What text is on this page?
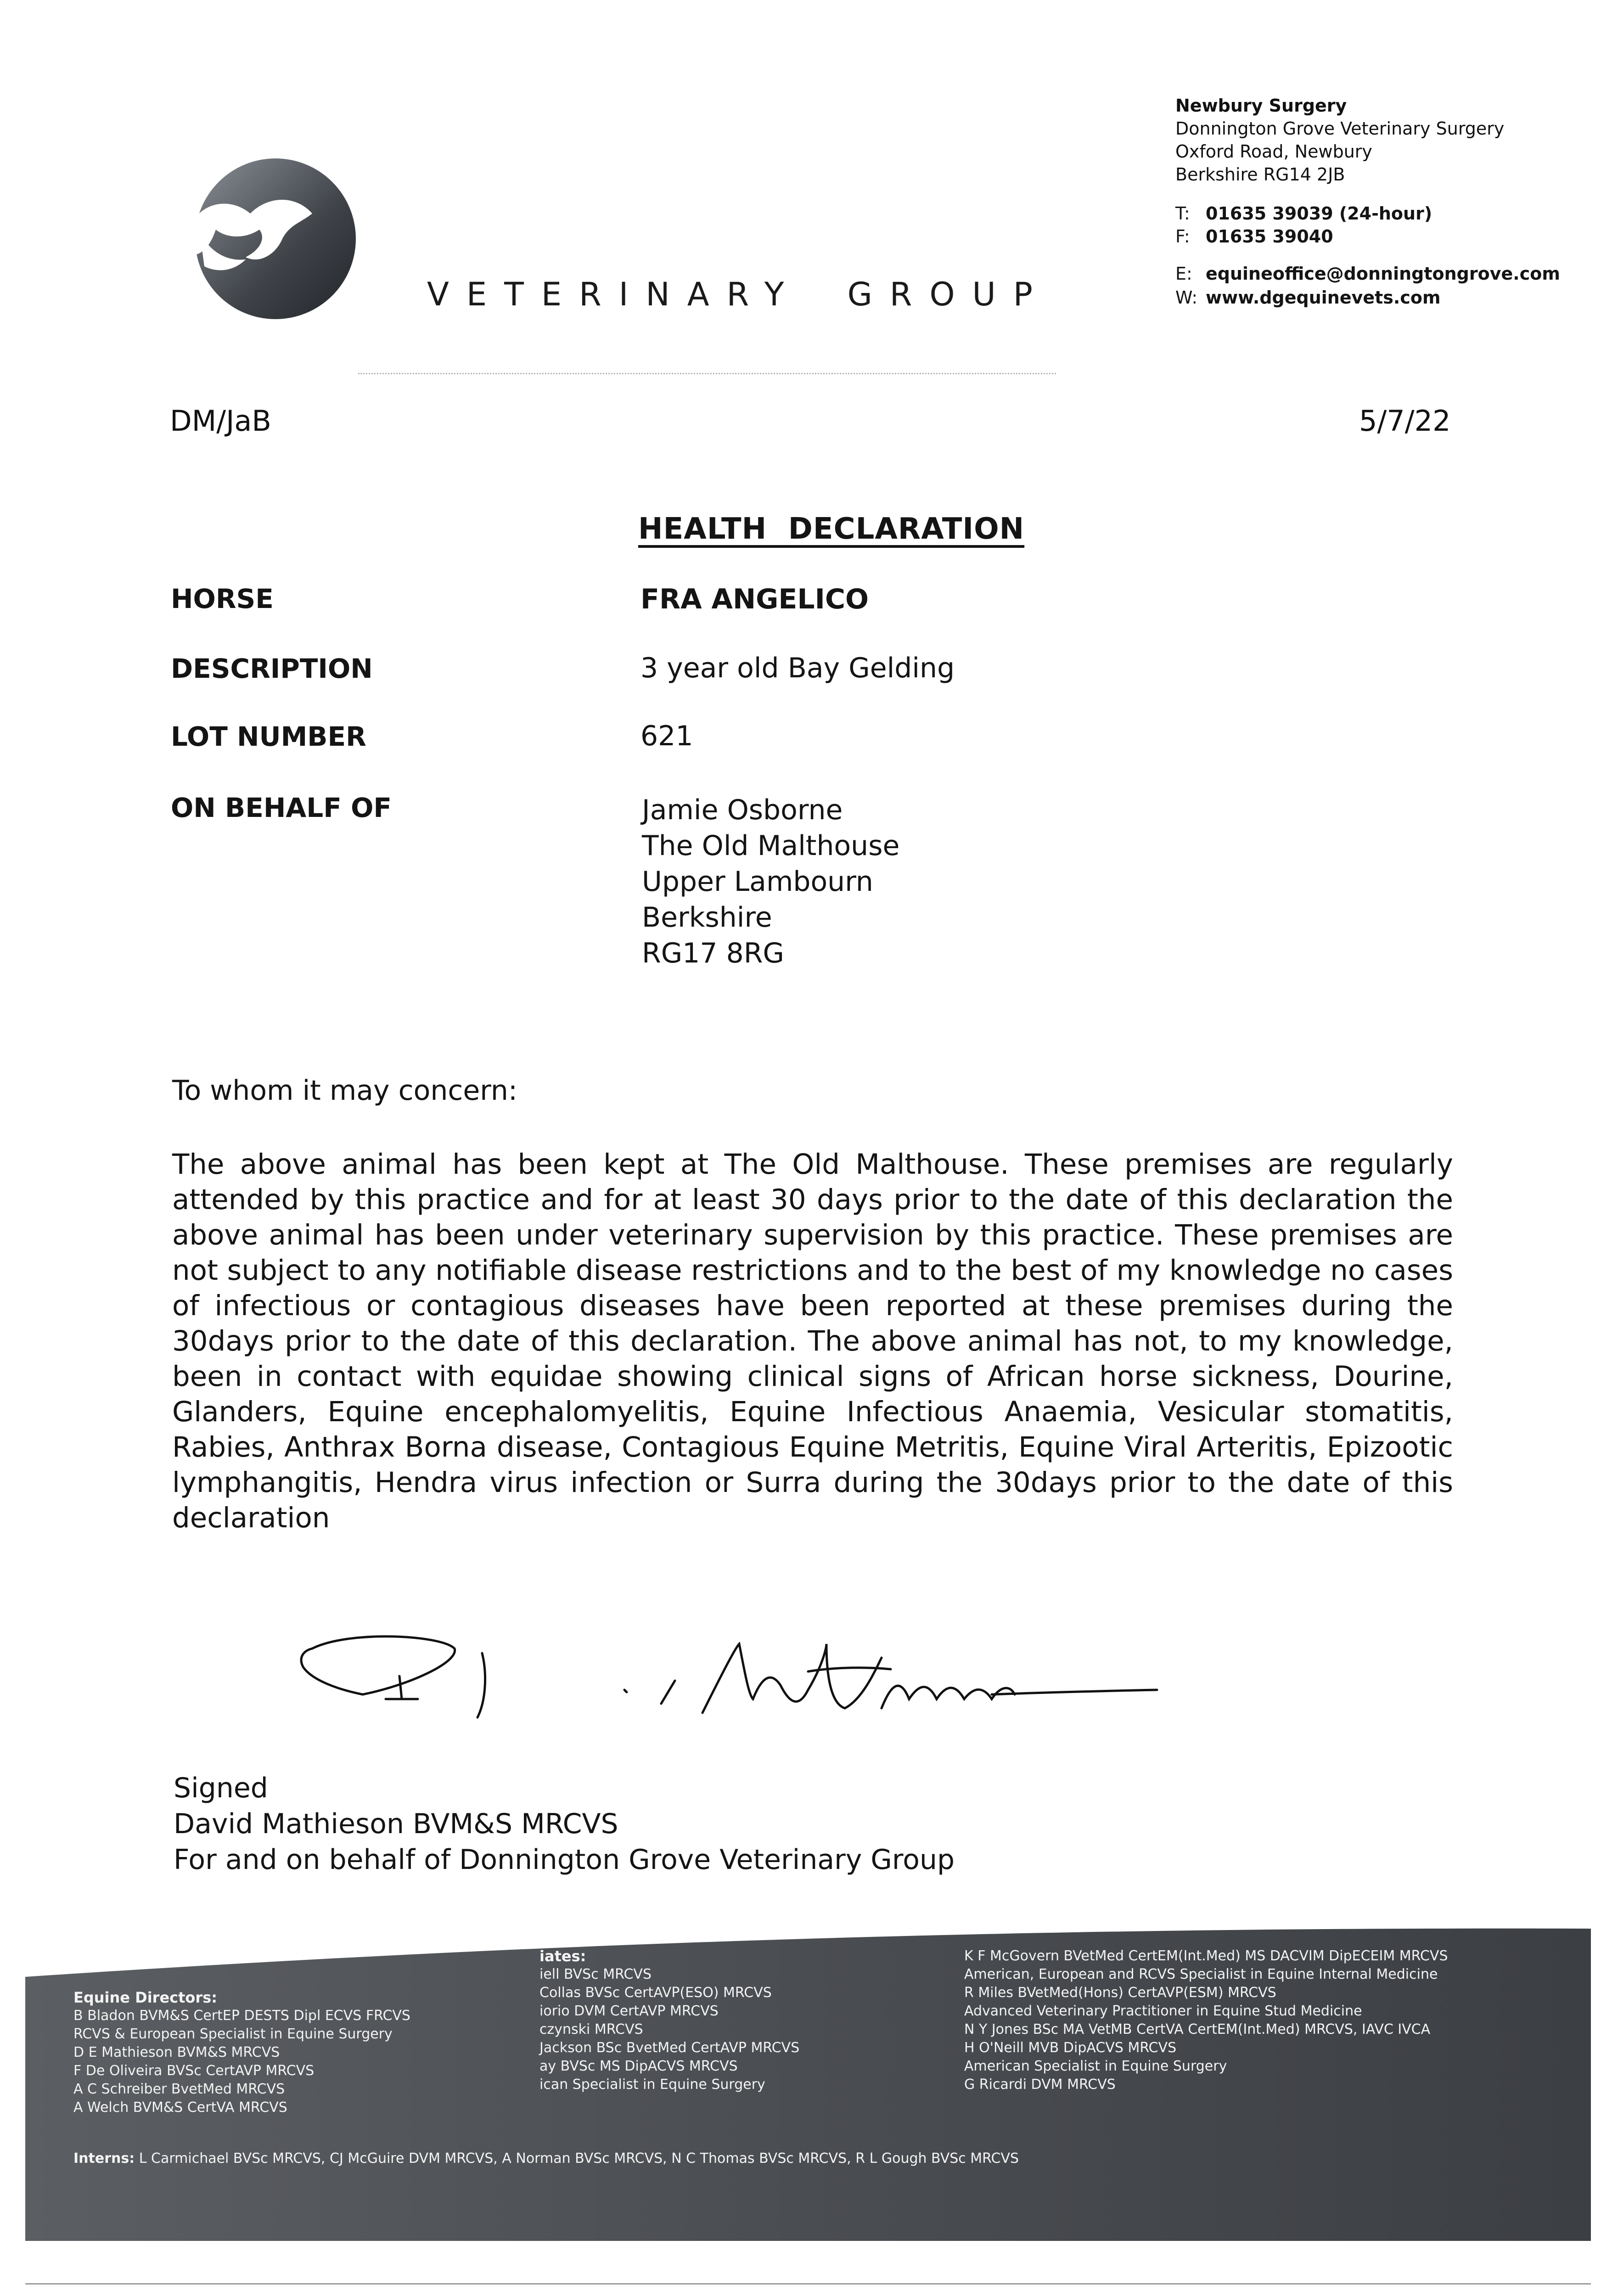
VETERINARY GROUP
Newbury Surgery
Donnington Grove Veterinary Surgery
Oxford Road, Newbury
Berkshire RG14 2JB
T: 01635 39039 (24-hour)
F: 01635 39040
E: equineoffice@donningtongrove.com
W: www.dgequinevets.com
DM/JaB	5/7/22
HEALTH  DECLARATION
HORSE	FRA ANGELICO
DESCRIPTION	3 year old Bay Gelding
LOT NUMBER	621
ON BEHALF OF	Jamie Osborne
The Old Malthouse
Upper Lambourn
Berkshire
RG17 8RG
To whom it may concern:
The above animal has been kept at The Old Malthouse. These premises are regularly attended by this practice and for at least 30 days prior to the date of this declaration the above animal has been under veterinary supervision by this practice. These premises are not subject to any notifiable disease restrictions and to the best of my knowledge no cases of infectious or contagious diseases have been reported at these premises during the 30days prior to the date of this declaration. The above animal has not, to my knowledge, been in contact with equidae showing clinical signs of African horse sickness, Dourine, Glanders, Equine encephalomyelitis, Equine Infectious Anaemia, Vesicular stomatitis, Rabies, Anthrax Borna disease, Contagious Equine Metritis, Equine Viral Arteritis, Epizootic lymphangitis, Hendra virus infection or Surra during the 30days prior to the date of this declaration
Signed
David Mathieson BVM&S MRCVS
For and on behalf of Donnington Grove Veterinary Group
Equine Directors:
B Bladon BVM&S CertEP DESTS Dipl ECVS FRCVS
RCVS & European Specialist in Equine Surgery
D E Mathieson BVM&S MRCVS
F De Oliveira BVSc CertAVP MRCVS
A C Schreiber BvetMed MRCVS
A Welch BVM&S CertVA MRCVS
iates:
iell BVSc MRCVS
Collas BVSc CertAVP(ESO) MRCVS
iorio DVM CertAVP MRCVS
czynski MRCVS
Jackson BSc BvetMed CertAVP MRCVS
ay BVSc MS DipACVS MRCVS
ican Specialist in Equine Surgery
K F McGovern BVetMed CertEM(Int.Med) MS DACVIM DipECEIM MRCVS
American, European and RCVS Specialist in Equine Internal Medicine
R Miles BVetMed(Hons) CertAVP(ESM) MRCVS
Advanced Veterinary Practitioner in Equine Stud Medicine
N Y Jones BSc MA VetMB CertVA CertEM(Int.Med) MRCVS, IAVC IVCA
H O'Neill MVB DipACVS MRCVS
American Specialist in Equine Surgery
G Ricardi DVM MRCVS
Interns: L Carmichael BVSc MRCVS, CJ McGuire DVM MRCVS, A Norman BVSc MRCVS, N C Thomas BVSc MRCVS, R L Gough BVSc MRCVS
